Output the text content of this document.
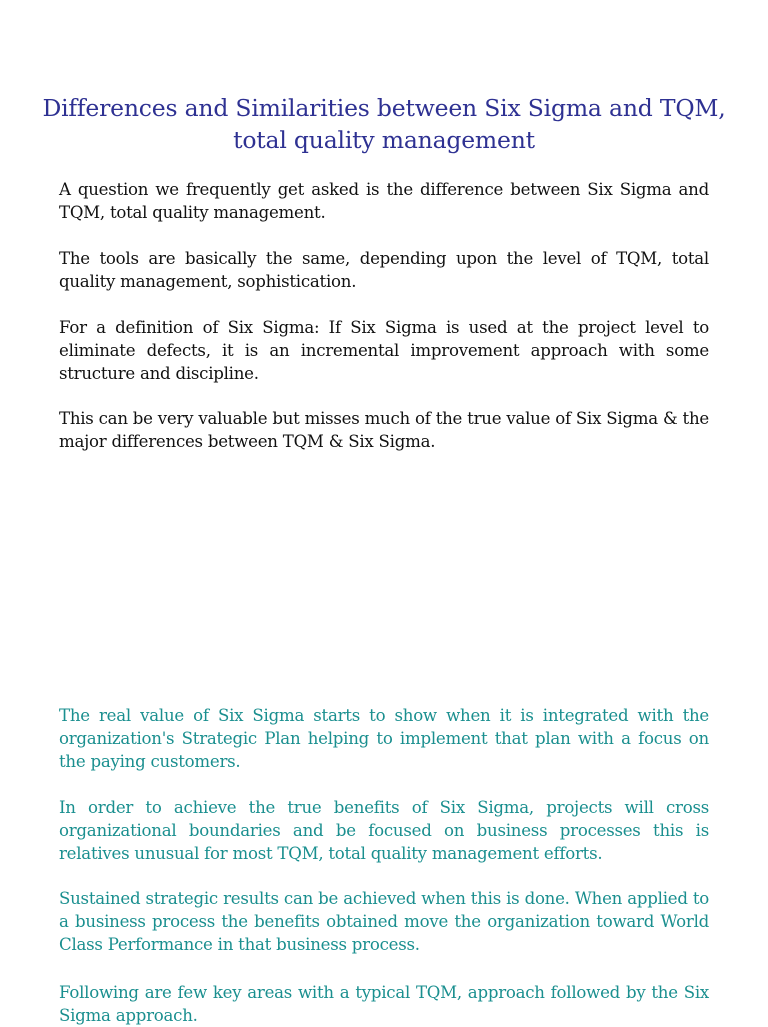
Differences and Similarities between Six Sigma and TQM, total quality management

A question we frequently get asked is the difference between Six Sigma and TQM, total quality management.

The tools are basically the same, depending upon the level of TQM, total quality management, sophistication.

For a definition of Six Sigma: If Six Sigma is used at the project level to eliminate defects, it is an incremental improvement approach with some structure and discipline.

This can be very valuable but misses much of the true value of Six Sigma & the major differences between TQM & Six Sigma.

The real value of Six Sigma starts to show when it is integrated with the organization's Strategic Plan helping to implement that plan with a focus on the paying customers.

In order to achieve the true benefits of Six Sigma, projects will cross organizational boundaries and be focused on business processes this is relatives unusual for most TQM, total quality management efforts.

Sustained strategic results can be achieved when this is done. When applied to a business process the benefits obtained move the organization toward World Class Performance in that business process.

Following are few key areas with a typical TQM, approach followed by the Six Sigma approach.
